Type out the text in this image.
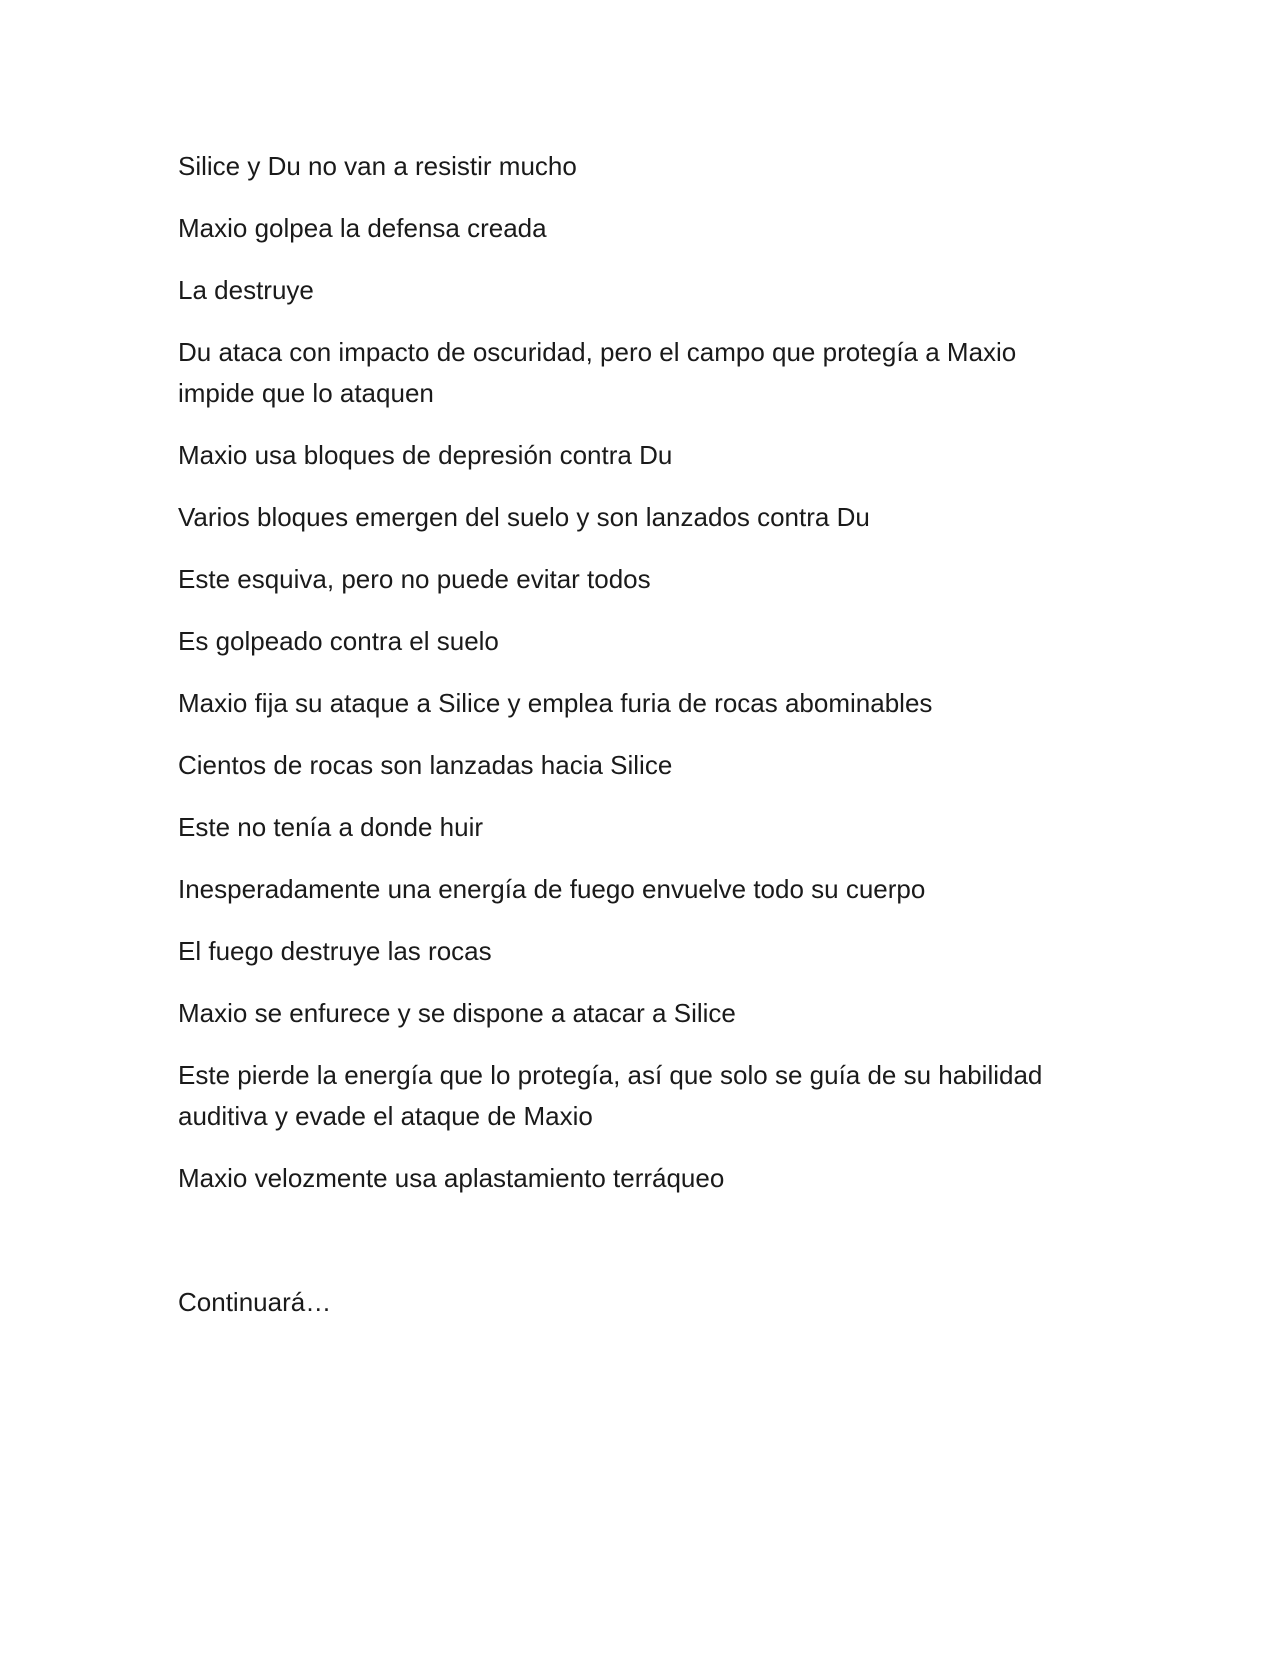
Silice y Du no van a resistir mucho

Maxio golpea la defensa creada

La destruye

Du ataca con impacto de oscuridad, pero el campo que protegía a Maxio impide que lo ataquen

Maxio usa bloques de depresión contra Du

Varios bloques emergen del suelo y son lanzados contra Du

Este esquiva, pero no puede evitar todos

Es golpeado contra el suelo

Maxio fija su ataque a Silice y emplea furia de rocas abominables

Cientos de rocas son lanzadas hacia Silice

Este no tenía a donde huir

Inesperadamente una energía de fuego envuelve todo su cuerpo

El fuego destruye las rocas

Maxio se enfurece y se dispone a atacar a Silice

Este pierde la energía que lo protegía, así que solo se guía de su habilidad auditiva y evade el ataque de Maxio

Maxio velozmente usa aplastamiento terráqueo

Continuará…
